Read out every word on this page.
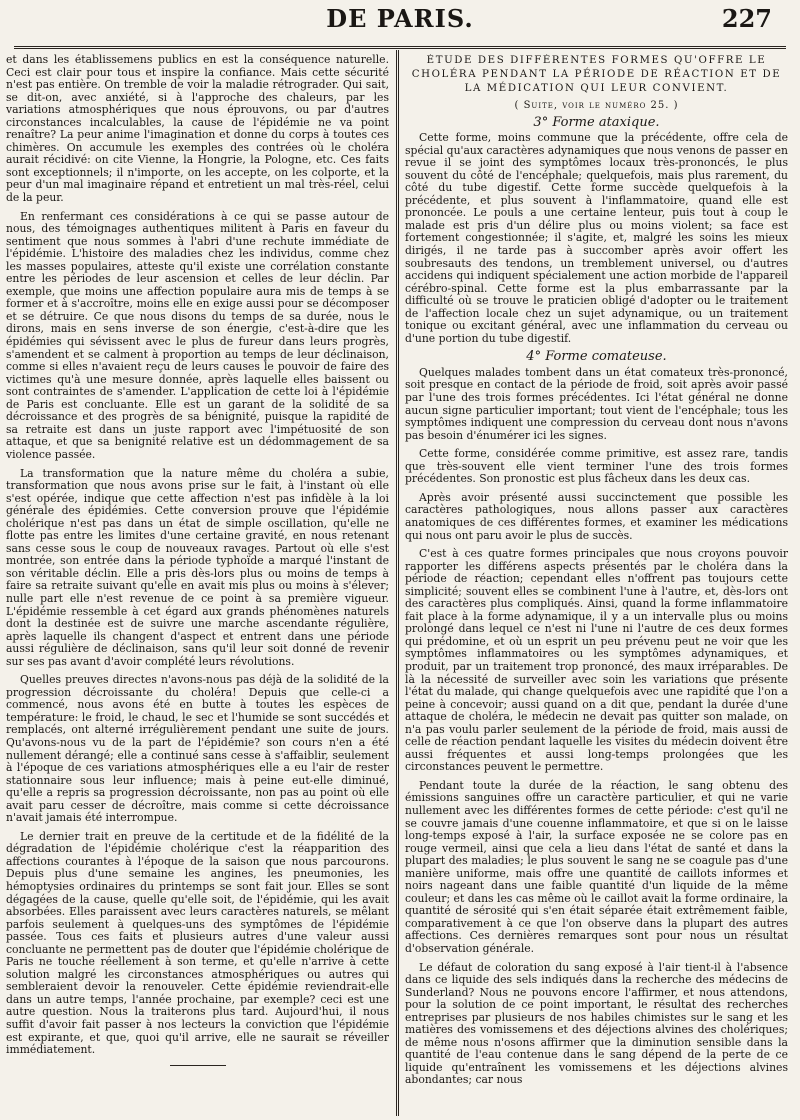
DE PARIS.	227

et dans les établissemens publics en est la conséquence naturelle. Ceci est clair pour tous et inspire la confiance. Mais cette sécurité n'est pas entière. On tremble de voir la maladie rétrograder. Qui sait, se dit-on, avec anxiété, si à l'approche des chaleurs, par les variations atmosphériques que nous éprouvons, ou par d'autres circonstances incalculables, la cause de l'épidémie ne va point renaître? La peur anime l'imagination et donne du corps à toutes ces chimères. On accumule les exemples des contrées où le choléra aurait récidivé: on cite Vienne, la Hongrie, la Pologne, etc. Ces faits sont exceptionnels; il n'importe, on les accepte, on les colporte, et la peur d'un mal imaginaire répand et entretient un mal très-réel, celui de la peur.

En renfermant ces considérations à ce qui se passe autour de nous, des témoignages authentiques militent à Paris en faveur du sentiment que nous sommes à l'abri d'une rechute immédiate de l'épidémie. L'histoire des maladies chez les individus, comme chez les masses populaires, atteste qu'il existe une corrélation constante entre les périodes de leur ascension et celles de leur déclin. Par exemple, que moins une affection populaire aura mis de temps à se former et à s'accroître, moins elle en exige aussi pour se décomposer et se détruire. Ce que nous disons du temps de sa durée, nous le dirons, mais en sens inverse de son énergie, c'est-à-dire que les épidémies qui sévissent avec le plus de fureur dans leurs progrès, s'amendent et se calment à proportion au temps de leur déclinaison, comme si elles n'avaient reçu de leurs causes le pouvoir de faire des victimes qu'à une mesure donnée, après laquelle elles baissent ou sont contraintes de s'amender. L'application de cette loi à l'épidémie de Paris est concluante. Elle est un garant de la solidité de sa décroissance et des progrès de sa bénignité, puisque la rapidité de sa retraite est dans un juste rapport avec l'impétuosité de son attaque, et que sa benignité relative est un dédommagement de sa violence passée.

La transformation que la nature même du choléra a subie, transformation que nous avons prise sur le fait, à l'instant où elle s'est opérée, indique que cette affection n'est pas infidèle à la loi générale des épidémies. Cette conversion prouve que l'épidémie cholérique n'est pas dans un état de simple oscillation, qu'elle ne flotte pas entre les limites d'une certaine gravité, en nous retenant sans cesse sous le coup de nouveaux ravages. Partout où elle s'est montrée, son entrée dans la période typhoïde a marqué l'instant de son véritable déclin. Elle a pris dès-lors plus ou moins de temps à faire sa retraite suivant qu'elle en avait mis plus ou moins à s'élever; nulle part elle n'est revenue de ce point à sa première vigueur. L'épidémie ressemble à cet égard aux grands phénomènes naturels dont la destinée est de suivre une marche ascendante régulière, après laquelle ils changent d'aspect et entrent dans une période aussi régulière de déclinaison, sans qu'il leur soit donné de revenir sur ses pas avant d'avoir complété leurs révolutions.

Quelles preuves directes n'avons-nous pas déjà de la solidité de la progression décroissante du choléra! Depuis que celle-ci a commencé, nous avons été en butte à toutes les espèces de température: le froid, le chaud, le sec et l'humide se sont succédés et remplacés, ont alterné irrégulièrement pendant une suite de jours. Qu'avons-nous vu de la part de l'épidémie? son cours n'en a été nullement dérangé; elle a continué sans cesse à s'affaiblir, seulement à l'époque de ces variations atmosphériques elle a eu l'air de rester stationnaire sous leur influence; mais à peine eut-elle diminué, qu'elle a repris sa progression décroissante, non pas au point où elle avait paru cesser de décroître, mais comme si cette décroissance n'avait jamais été interrompue.

Le dernier trait en preuve de la certitude et de la fidélité de la dégradation de l'épidémie cholérique c'est la réapparition des affections courantes à l'époque de la saison que nous parcourons. Depuis plus d'une semaine les angines, les pneumonies, les hémoptysies ordinaires du printemps se sont fait jour. Elles se sont dégagées de la cause, quelle qu'elle soit, de l'épidémie, qui les avait absorbées. Elles paraissent avec leurs caractères naturels, se mêlant parfois seulement à quelques-uns des symptômes de l'épidémie passée. Tous ces faits et plusieurs autres d'une valeur aussi concluante ne permettent pas de douter que l'épidémie cholérique de Paris ne touche réellement à son terme, et qu'elle n'arrive à cette solution malgré les circonstances atmosphériques ou autres qui sembleraient devoir la renouveler. Cette épidémie reviendrait-elle dans un autre temps, l'année prochaine, par exemple? ceci est une autre question. Nous la traiterons plus tard. Aujourd'hui, il nous suffit d'avoir fait passer à nos lecteurs la conviction que l'épidémie est expirante, et que, quoi qu'il arrive, elle ne saurait se réveiller immédiatement.

ÉTUDE DES DIFFÉRENTES FORMES QU'OFFRE LE CHOLÉRA PENDANT LA PÉRIODE DE RÉACTION ET DE LA MÉDICATION QUI LEUR CONVIENT.
( Suite, voir le numéro 25. )
3° Forme ataxique.

Cette forme, moins commune que la précédente, offre cela de spécial qu'aux caractères adynamiques que nous venons de passer en revue il se joint des symptômes locaux très-prononcés, le plus souvent du côté de l'encéphale; quelquefois, mais plus rarement, du côté du tube digestif. Cette forme succède quelquefois à la précédente, et plus souvent à l'inflammatoire, quand elle est prononcée. Le pouls a une certaine lenteur, puis tout à coup le malade est pris d'un délire plus ou moins violent; sa face est fortement congestionnée; il s'agite, et, malgré les soins les mieux dirigés, il ne tarde pas à succomber après avoir offert les soubresauts des tendons, un tremblement universel, ou d'autres accidens qui indiquent spécialement une action morbide de l'appareil cérébro-spinal. Cette forme est la plus embarrassante par la difficulté où se trouve le praticien obligé d'adopter ou le traitement de l'affection locale chez un sujet adynamique, ou un traitement tonique ou excitant général, avec une inflammation du cerveau ou d'une portion du tube digestif.

4° Forme comateuse.

Quelques malades tombent dans un état comateux très-prononcé, soit presque en contact de la période de froid, soit après avoir passé par l'une des trois formes précédentes. Ici l'état général ne donne aucun signe particulier important; tout vient de l'encéphale; tous les symptômes indiquent une compression du cerveau dont nous n'avons pas besoin d'énumérer ici les signes.

Cette forme, considérée comme primitive, est assez rare, tandis que très-souvent elle vient terminer l'une des trois formes précédentes. Son pronostic est plus fâcheux dans les deux cas.

Après avoir présenté aussi succinctement que possible les caractères pathologiques, nous allons passer aux caractères anatomiques de ces différentes formes, et examiner les médications qui nous ont paru avoir le plus de succès.

C'est à ces quatre formes principales que nous croyons pouvoir rapporter les différens aspects présentés par le choléra dans la période de réaction; cependant elles n'offrent pas toujours cette simplicité; souvent elles se combinent l'une à l'autre, et, dès-lors ont des caractères plus compliqués. Ainsi, quand la forme inflammatoire fait place à la forme adynamique, il y a un intervalle plus ou moins prolongé dans lequel ce n'est ni l'une ni l'autre de ces deux formes qui prédomine, et où un esprit un peu prévenu peut ne voir que les symptômes inflammatoires ou les symptômes adynamiques, et produit, par un traitement trop prononcé, des maux irréparables. De là la nécessité de surveiller avec soin les variations que présente l'état du malade, qui change quelquefois avec une rapidité que l'on a peine à concevoir; aussi quand on a dit que, pendant la durée d'une attaque de choléra, le médecin ne devait pas quitter son malade, on n'a pas voulu parler seulement de la période de froid, mais aussi de celle de réaction pendant laquelle les visites du médecin doivent être aussi fréquentes et aussi long-temps prolongées que les circonstances peuvent le permettre.

Pendant toute la durée de la réaction, le sang obtenu des émissions sanguines offre un caractère particulier, et qui ne varie nullement avec les différentes formes de cette période: c'est qu'il ne se couvre jamais d'une couenne inflammatoire, et que si on le laisse long-temps exposé à l'air, la surface exposée ne se colore pas en rouge vermeil, ainsi que cela a lieu dans l'état de santé et dans la plupart des maladies; le plus souvent le sang ne se coagule pas d'une manière uniforme, mais offre une quantité de caillots informes et noirs nageant dans une faible quantité d'un liquide de la même couleur; et dans les cas même où le caillot avait la forme ordinaire, la quantité de sérosité qui s'en était séparée était extrêmement faible, comparativement à ce que l'on observe dans la plupart des autres affections. Ces dernières remarques sont pour nous un résultat d'observation générale.

Le défaut de coloration du sang exposé à l'air tient-il à l'absence dans ce liquide des sels indiqués dans la recherche des médecins de Sunderland? Nous ne pouvons encore l'affirmer, et nous attendons, pour la solution de ce point important, le résultat des recherches entreprises par plusieurs de nos habiles chimistes sur le sang et les matières des vomissemens et des déjections alvines des cholériques; de même nous n'osons affirmer que la diminution sensible dans la quantité de l'eau contenue dans le sang dépend de la perte de ce liquide qu'entraînent les vomissemens et les déjections alvines abondantes; car nous
